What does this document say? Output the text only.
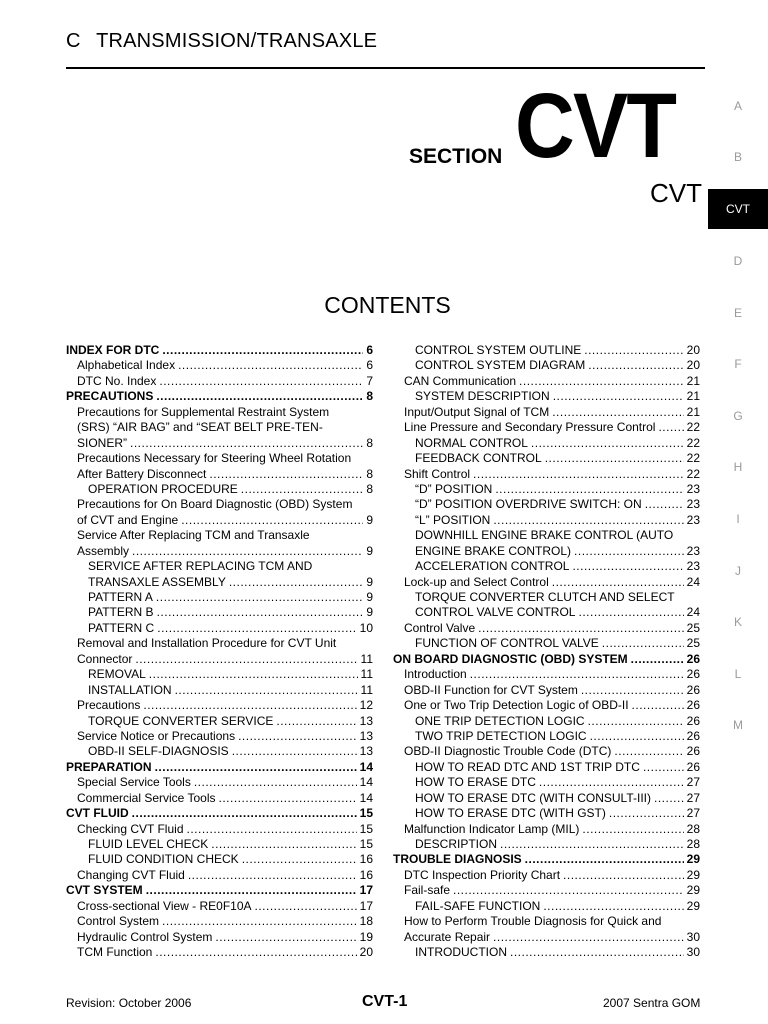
C TRANSMISSION/TRANSAXLE
SECTION CVT
CVT
A
B
CVT
D
E
F
G
H
I
J
K
L
M
CONTENTS
INDEX FOR DTC .....	6
Alphabetical Index .....	6
DTC No. Index .....	7
PRECAUTIONS .....	8
Precautions for Supplemental Restraint System
(SRS) “AIR BAG” and “SEAT BELT PRE-TEN-
SIONER” .....	8
Precautions Necessary for Steering Wheel Rotation
After Battery Disconnect .....	8
OPERATION PROCEDURE .....	8
Precautions for On Board Diagnostic (OBD) System
of CVT and Engine .....	9
Service After Replacing TCM and Transaxle
Assembly .....	9
SERVICE AFTER REPLACING TCM AND
TRANSAXLE ASSEMBLY .....	9
PATTERN A .....	9
PATTERN B .....	9
PATTERN C .....	10
Removal and Installation Procedure for CVT Unit
Connector .....	11
REMOVAL .....	11
INSTALLATION .....	11
Precautions .....	12
TORQUE CONVERTER SERVICE .....	13
Service Notice or Precautions .....	13
OBD-II SELF-DIAGNOSIS .....	13
PREPARATION .....	14
Special Service Tools .....	14
Commercial Service Tools .....	14
CVT FLUID .....	15
Checking CVT Fluid .....	15
FLUID LEVEL CHECK .....	15
FLUID CONDITION CHECK .....	16
Changing CVT Fluid .....	16
CVT SYSTEM .....	17
Cross-sectional View - RE0F10A .....	17
Control System .....	18
Hydraulic Control System .....	19
TCM Function .....	20
CONTROL SYSTEM OUTLINE .....	20
CONTROL SYSTEM DIAGRAM .....	20
CAN Communication .....	21
SYSTEM DESCRIPTION .....	21
Input/Output Signal of TCM .....	21
Line Pressure and Secondary Pressure Control .....	22
NORMAL CONTROL .....	22
FEEDBACK CONTROL .....	22
Shift Control .....	22
“D” POSITION .....	23
“D” POSITION OVERDRIVE SWITCH: ON .....	23
“L” POSITION .....	23
DOWNHILL ENGINE BRAKE CONTROL (AUTO
ENGINE BRAKE CONTROL) .....	23
ACCELERATION CONTROL .....	23
Lock-up and Select Control .....	24
TORQUE CONVERTER CLUTCH AND SELECT
CONTROL VALVE CONTROL .....	24
Control Valve .....	25
FUNCTION OF CONTROL VALVE .....	25
ON BOARD DIAGNOSTIC (OBD) SYSTEM .....	26
Introduction .....	26
OBD-II Function for CVT System .....	26
One or Two Trip Detection Logic of OBD-II .....	26
ONE TRIP DETECTION LOGIC .....	26
TWO TRIP DETECTION LOGIC .....	26
OBD-II Diagnostic Trouble Code (DTC) .....	26
HOW TO READ DTC AND 1ST TRIP DTC .....	26
HOW TO ERASE DTC .....	27
HOW TO ERASE DTC (WITH CONSULT-III) .....	27
HOW TO ERASE DTC (WITH GST) .....	27
Malfunction Indicator Lamp (MIL) .....	28
DESCRIPTION .....	28
TROUBLE DIAGNOSIS .....	29
DTC Inspection Priority Chart .....	29
Fail-safe .....	29
FAIL-SAFE FUNCTION .....	29
How to Perform Trouble Diagnosis for Quick and
Accurate Repair .....	30
INTRODUCTION .....	30
Revision: October 2006	CVT-1	2007 Sentra GOM
